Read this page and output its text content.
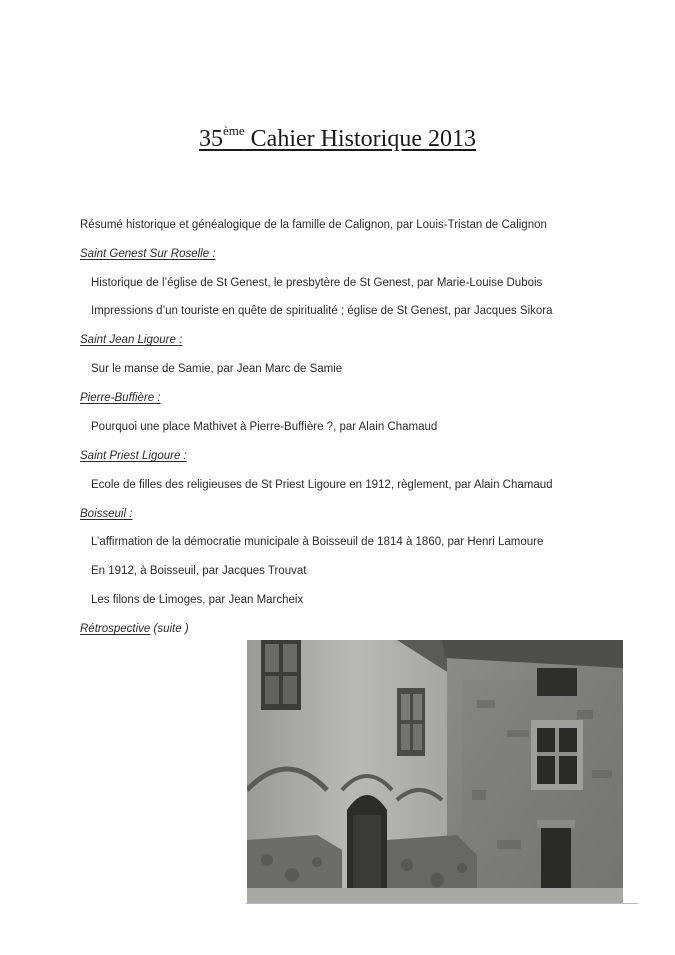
35ème Cahier Historique 2013
Résumé historique et généalogique de la famille de Calignon, par Louis-Tristan de Calignon
Saint Genest Sur Roselle :
Historique de l’église de St Genest, le presbytère de St Genest, par Marie-Louise Dubois
Impressions d’un touriste en quête de spiritualité ; église de St Genest, par Jacques Sikora
Saint Jean Ligoure :
Sur le manse de Samie, par Jean Marc de Samie
Pierre-Buffière :
Pourquoi une place Mathivet à Pierre-Buffière ?, par Alain Chamaud
Saint Priest Ligoure :
Ecole de filles des religieuses de St Priest Ligoure en 1912, règlement, par Alain Chamaud
Boisseuil :
L’affirmation de la démocratie municipale à Boisseuil de 1814 à 1860, par Henri Lamoure
En 1912, à Boisseuil, par Jacques Trouvat
Les filons de Limoges, par Jean Marcheix
Rétrospective (suite )
